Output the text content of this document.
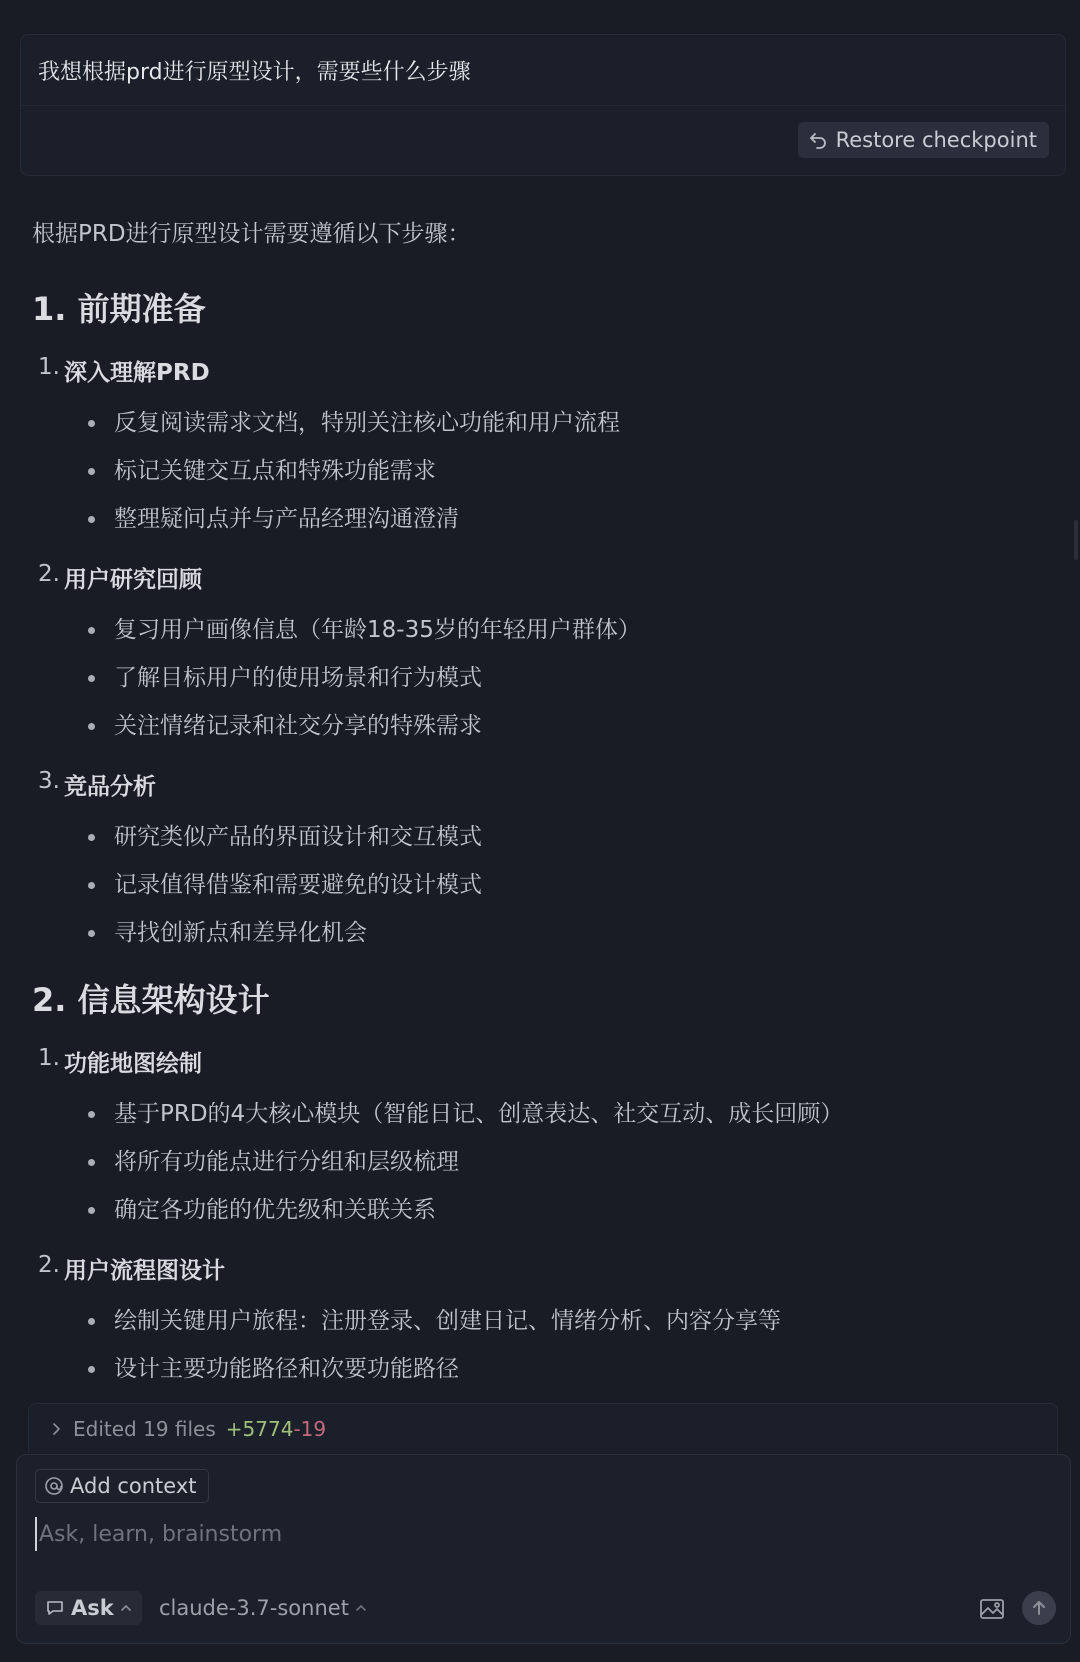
我想根据prd进行原型设计，需要些什么步骤
Restore checkpoint

根据PRD进行原型设计需要遵循以下步骤：

1. 前期准备
1. 深入理解PRD
反复阅读需求文档，特别关注核心功能和用户流程
标记关键交互点和特殊功能需求
整理疑问点并与产品经理沟通澄清
2. 用户研究回顾
复习用户画像信息（年龄18-35岁的年轻用户群体）
了解目标用户的使用场景和行为模式
关注情绪记录和社交分享的特殊需求
3. 竞品分析
研究类似产品的界面设计和交互模式
记录值得借鉴和需要避免的设计模式
寻找创新点和差异化机会
2. 信息架构设计
1. 功能地图绘制
基于PRD的4大核心模块（智能日记、创意表达、社交互动、成长回顾）
将所有功能点进行分组和层级梳理
确定各功能的优先级和关联关系
2. 用户流程图设计
绘制关键用户旅程：注册登录、创建日记、情绪分析、内容分享等
设计主要功能路径和次要功能路径
Edited 19 files +5774 -19
Add context
Ask, learn, brainstorm
Ask claude-3.7-sonnet
